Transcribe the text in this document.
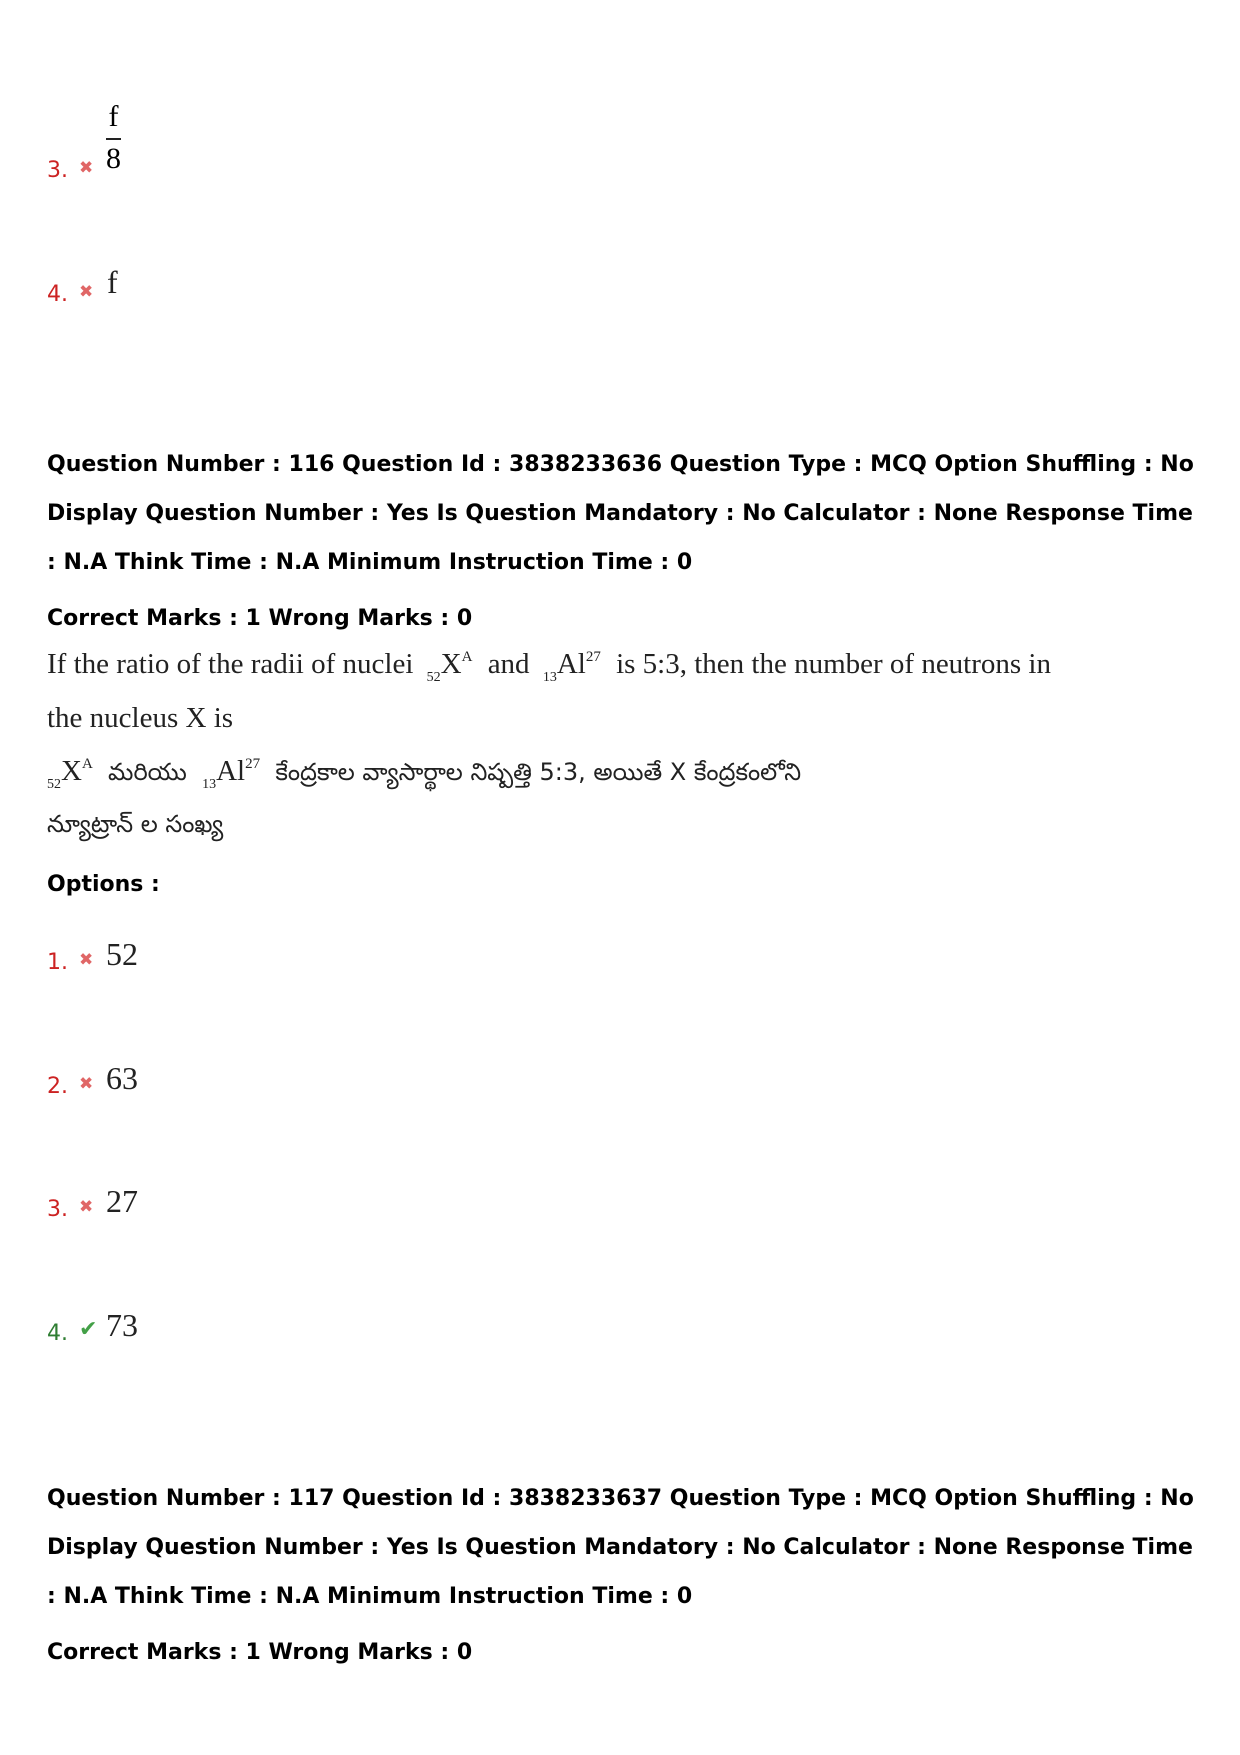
3. ✖ $\frac{f}{8}$
4. ✖ f
Question Number : 116 Question Id : 3838233636 Question Type : MCQ Option Shuffling : No
Display Question Number : Yes Is Question Mandatory : No Calculator : None Response Time
: N.A Think Time : N.A Minimum Instruction Time : 0
Correct Marks : 1 Wrong Marks : 0
If the ratio of the radii of nuclei $_{52}X^A$ and $_{13}Al^{27}$ is 5:3, then the number of neutrons in
the nucleus X is
$_{52}X^A$ మరియు $_{13}Al^{27}$ కేంద్రకాల వ్యాసార్థాల నిష్పత్తి 5:3, అయితే X కేంద్రకంలోని
న్యూట్రాన్ ల సంఖ్య
Options :
1. ✖ 52
2. ✖ 63
3. ✖ 27
4. ✔ 73
Question Number : 117 Question Id : 3838233637 Question Type : MCQ Option Shuffling : No
Display Question Number : Yes Is Question Mandatory : No Calculator : None Response Time
: N.A Think Time : N.A Minimum Instruction Time : 0
Correct Marks : 1 Wrong Marks : 0
